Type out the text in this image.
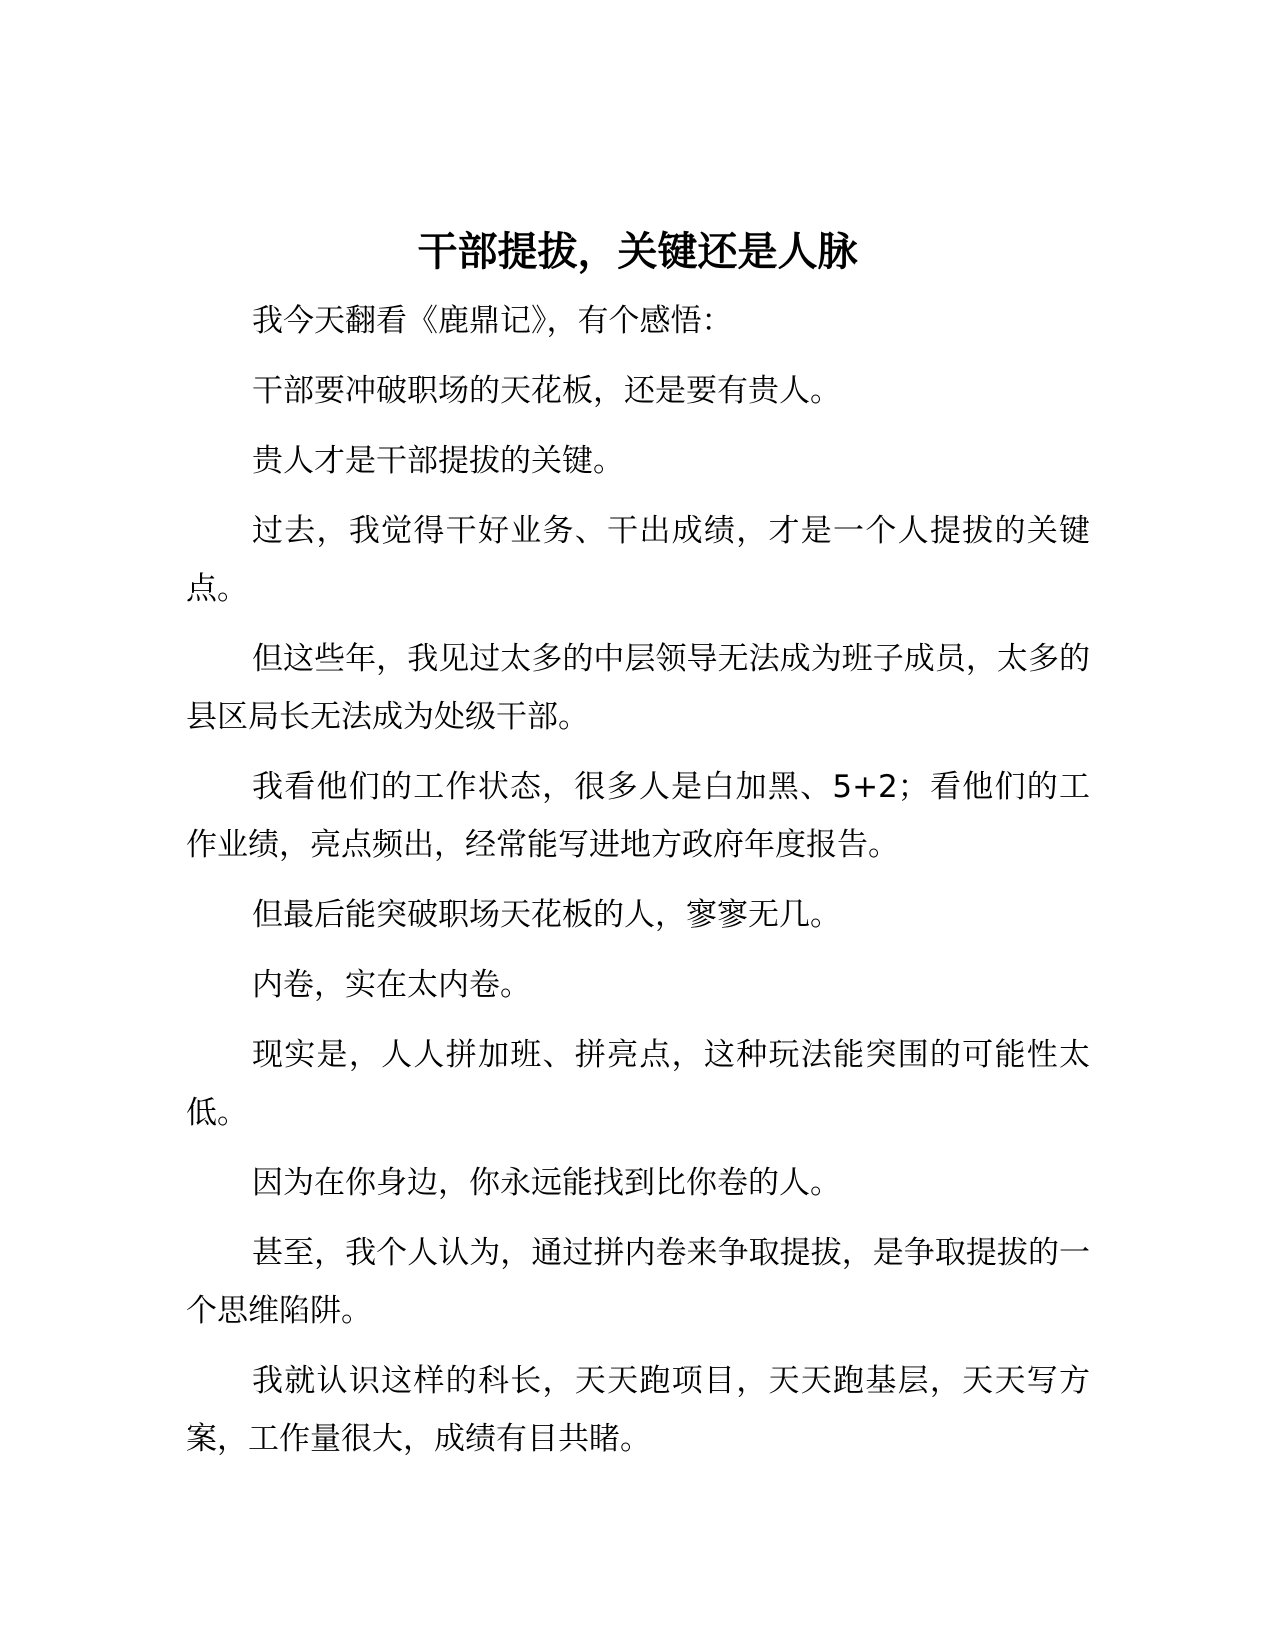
干部提拔，关键还是人脉

我今天翻看《鹿鼎记》，有个感悟：

干部要冲破职场的天花板，还是要有贵人。

贵人才是干部提拔的关键。

过去，我觉得干好业务、干出成绩，才是一个人提拔的关键点。

但这些年，我见过太多的中层领导无法成为班子成员，太多的县区局长无法成为处级干部。

我看他们的工作状态，很多人是白加黑、5+2；看他们的工作业绩，亮点频出，经常能写进地方政府年度报告。

但最后能突破职场天花板的人，寥寥无几。

内卷，实在太内卷。

现实是，人人拼加班、拼亮点，这种玩法能突围的可能性太低。

因为在你身边，你永远能找到比你卷的人。

甚至，我个人认为，通过拼内卷来争取提拔，是争取提拔的一个思维陷阱。

我就认识这样的科长，天天跑项目，天天跑基层，天天写方案，工作量很大，成绩有目共睹。
